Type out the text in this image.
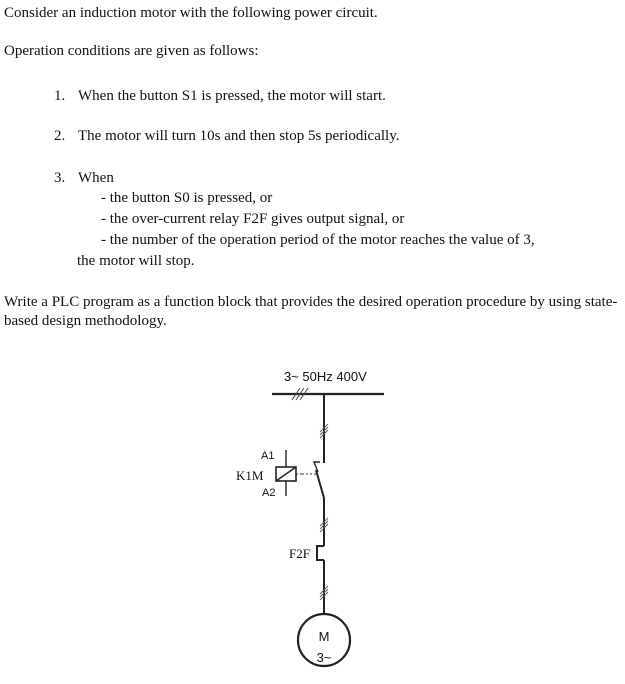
Consider an induction motor with the following power circuit.
Operation conditions are given as follows:
1. When the button S1 is pressed, the motor will start.
2. The motor will turn 10s and then stop 5s periodically.
3. When
- the button S0 is pressed, or
- the over-current relay F2F gives output signal, or
- the number of the operation period of the motor reaches the value of 3,
the motor will stop.
Write a PLC program as a function block that provides the desired operation procedure by using state-based design methodology.
3~ 50Hz 400V
F2F
M
3~
A1
A2
K1M
